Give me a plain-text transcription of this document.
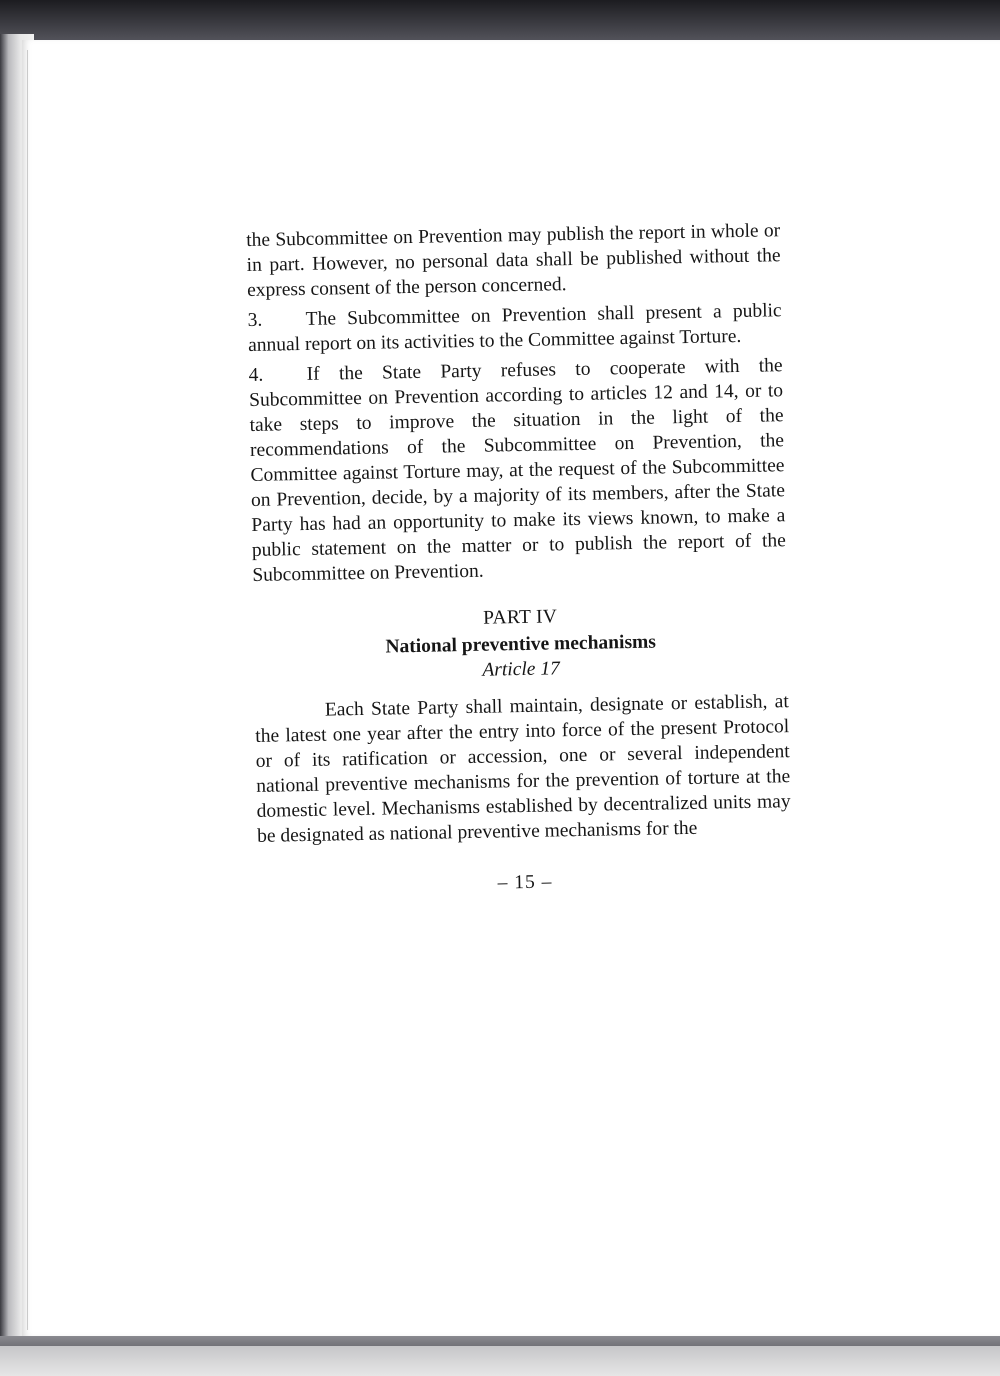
the Subcommittee on Prevention may publish the report in whole or in part. However, no personal data shall be published without the express consent of the person concerned.

3. The Subcommittee on Prevention shall present a public annual report on its activities to the Committee against Torture.

4. If the State Party refuses to cooperate with the Subcommittee on Prevention according to articles 12 and 14, or to take steps to improve the situation in the light of the recommendations of the Subcommittee on Prevention, the Committee against Torture may, at the request of the Subcommittee on Prevention, decide, by a majority of its members, after the State Party has had an opportunity to make its views known, to make a public statement on the matter or to publish the report of the Subcommittee on Prevention.

PART IV

National preventive mechanisms

Article 17

Each State Party shall maintain, designate or establish, at the latest one year after the entry into force of the present Protocol or of its ratification or accession, one or several independent national preventive mechanisms for the prevention of torture at the domestic level. Mechanisms established by decentralized units may be designated as national preventive mechanisms for the

– 15 –
